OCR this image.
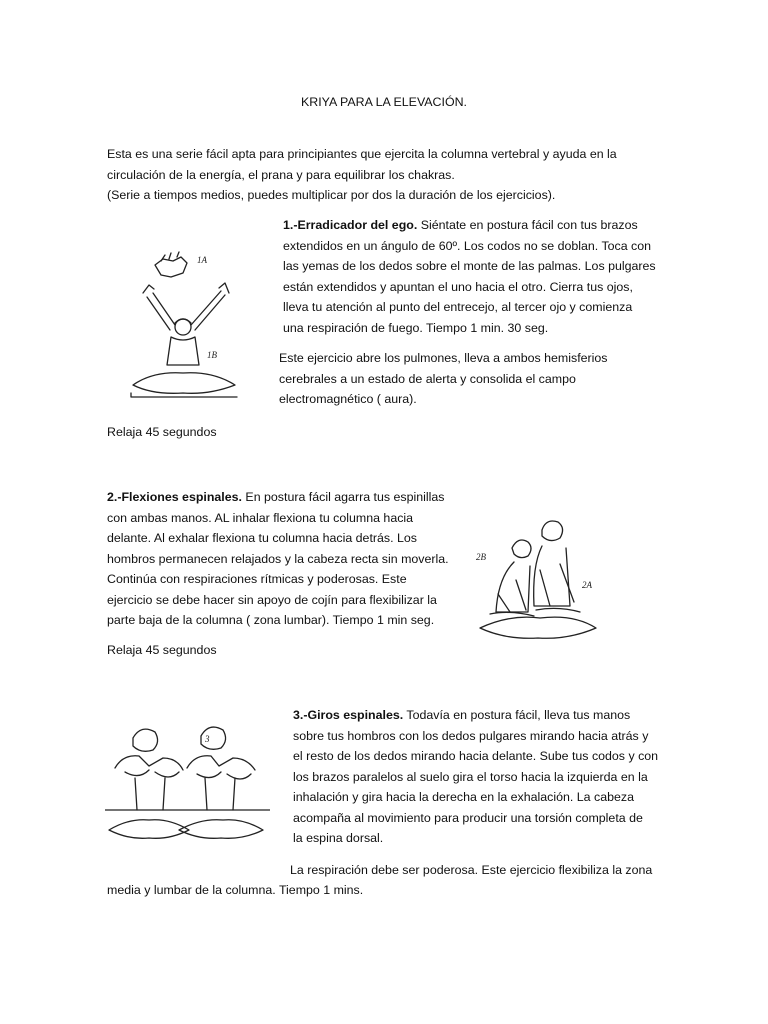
KRIYA PARA LA ELEVACIÓN.
Esta es una serie fácil apta para principiantes que ejercita la columna vertebral y ayuda en la
circulación de la energía, el prana y para equilibrar los chakras.
(Serie a tiempos medios, puedes multiplicar por dos la duración de los ejercicios).
1A
1B
1.-Erradicador del ego. Siéntate en postura fácil con tus brazos
extendidos en un ángulo de 60º. Los codos no se doblan. Toca con
las yemas de los dedos sobre el monte de las palmas. Los pulgares
están extendidos y apuntan el uno hacia el otro. Cierra tus ojos,
lleva tu atención al punto del entrecejo, al tercer ojo y comienza
una respiración de fuego. Tiempo 1 min. 30 seg.
Este ejercicio abre los pulmones, lleva a ambos hemisferios
cerebrales a un estado de alerta y consolida el campo
electromagnético ( aura).
Relaja 45 segundos
2.-Flexiones espinales. En postura fácil agarra tus espinillas
con ambas manos. AL inhalar flexiona tu columna hacia
delante. Al exhalar flexiona tu columna hacia detrás. Los
hombros permanecen relajados y la cabeza recta sin moverla.
Continúa con respiraciones rítmicas y poderosas. Este
ejercicio se debe hacer sin apoyo de cojín para flexibilizar la
parte baja de la columna ( zona lumbar). Tiempo 1 min seg.
2B
2A
Relaja 45 segundos
3
3.-Giros espinales. Todavía en postura fácil, lleva tus manos
sobre tus hombros con los dedos pulgares mirando hacia atrás y
el resto de los dedos mirando hacia delante. Sube tus codos y con
los brazos paralelos al suelo gira el torso hacia la izquierda en la
inhalación y gira hacia la derecha en la exhalación. La cabeza
acompaña al movimiento para producir una torsión completa de
la espina dorsal.
La respiración debe ser poderosa. Este ejercicio flexibiliza la zona
media y lumbar de la columna. Tiempo 1 mins.
